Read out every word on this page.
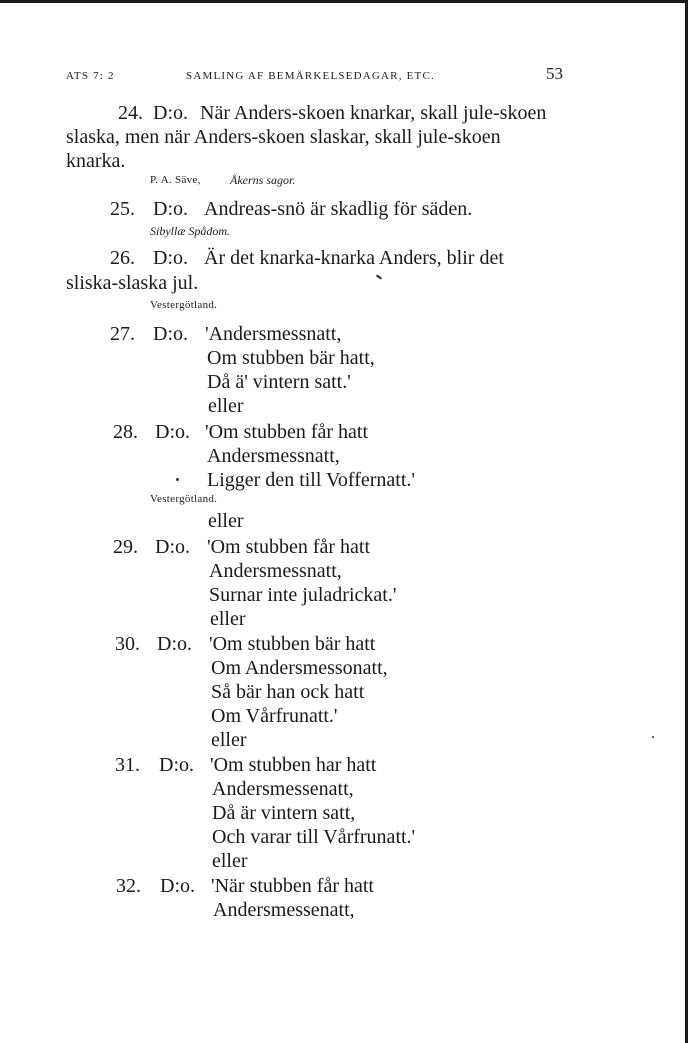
ATS 7: 2	SAMLING AF BEMÄRKELSEDAGAR, ETC.	53
24. D:o. När Anders-skoen knarkar, skall jule-skoen
slaska, men när Anders-skoen slaskar, skall jule-skoen
knarka.
P. A. Säve, Åkerns sagor.
25. D:o. Andreas-snö är skadlig för säden.
Sibyllæ Spådom.
26. D:o. Är det knarka-knarka Anders, blir det
sliska-slaska jul.
Vestergötland.
27. D:o. 'Andersmessnatt,
Om stubben bär hatt,
Då ä' vintern satt.'
eller
28. D:o. 'Om stubben får hatt
Andersmessnatt,
Ligger den till Voffernatt.'
Vestergötland.
eller
29. D:o. 'Om stubben får hatt
Andersmessnatt,
Surnar inte juladrickat.'
eller
30. D:o. 'Om stubben bär hatt
Om Andersmessonatt,
Så bär han ock hatt
Om Vårfrunatt.'
eller
31. D:o. 'Om stubben har hatt
Andersmessenatt,
Då är vintern satt,
Och varar till Vårfrunatt.'
eller
32. D:o. 'När stubben får hatt
Andersmessenatt,
